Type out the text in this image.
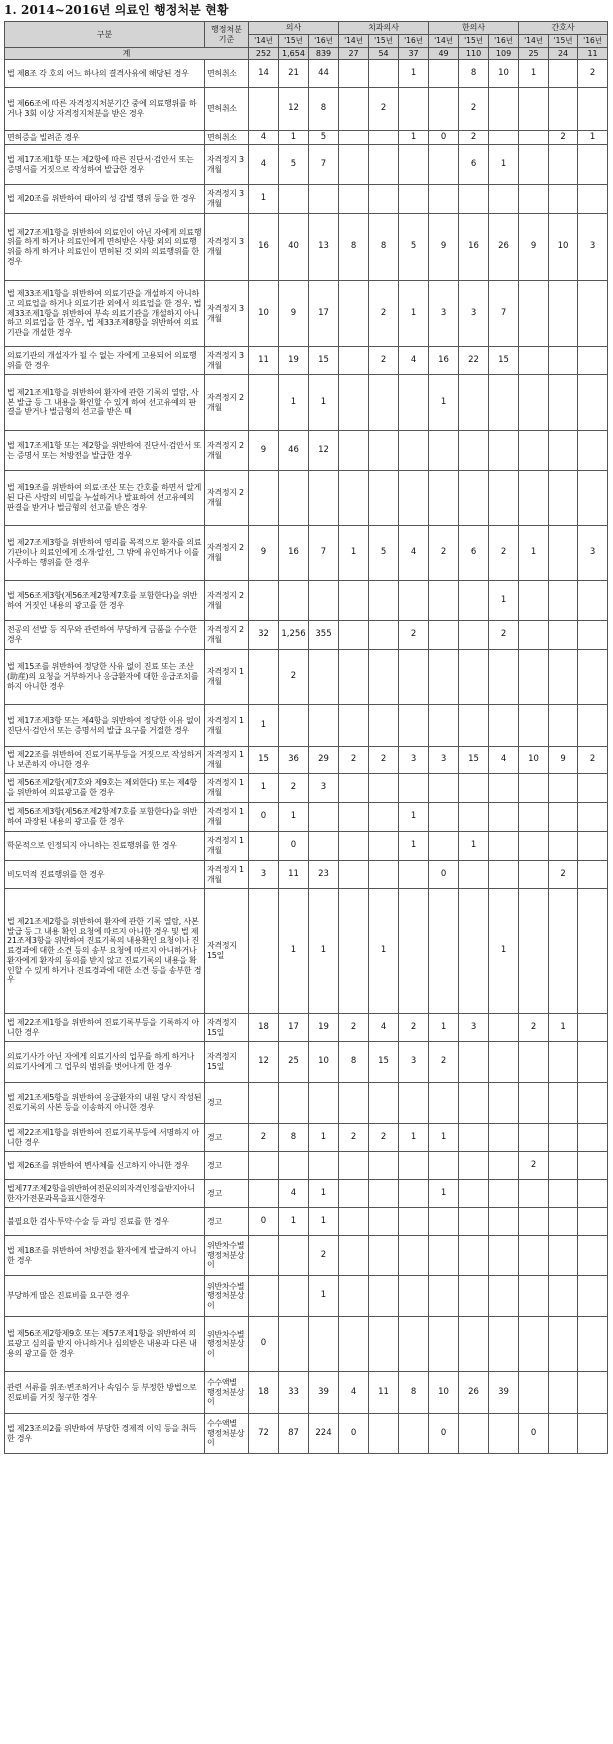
1. 2014~2016년 의료인 행정처분 현황
구분	행정처분 기준	의사			치과의사			한의사			간호사		
		'14년	'15년	'16년	'14년	'15년	'16년	'14년	'15년	'16년	'14년	'15년	'16년
계		252	1,654	839	27	54	37	49	110	109	25	24	11
법 제8조 각 호의 어느 하나의 결격사유에 해당된 경우	면허취소	14	21	44			1		8	10	1		2
법 제66조에 따른 자격정지처분기간 중에 의료행위를 하거나 3회 이상 자격정지처분을 받은 경우	면허취소		12	8		2			2				
면허증을 빌려준 경우	면허취소	4	1	5			1	0	2			2	1
법 제17조제1항 또는 제2항에 따른 진단서·검안서 또는 증명서를 거짓으로 작성하여 발급한 경우	자격정지 3개월	4	5	7					6	1			
법 제20조를 위반하여 태아의 성 감별 행위 등을 한 경우	자격정지 3개월	1											
법 제27조제1항을 위반하여 의료인이 아닌 자에게 의료행위를 하게 하거나 의료인에게 면허받은 사항 외의 의료행위를 하게 하거나 의료인이 면허된 것 외의 의료행위를 한 경우	자격정지 3개월	16	40	13	8	8	5	9	16	26	9	10	3
법 제33조제1항을 위반하여 의료기관을 개설하지 아니하고 의료업을 하거나 의료기관 외에서 의료업을 한 경우, 법 제33조제1항을 위반하여 부속 의료기관을 개설하지 아니하고 의료업을 한 경우, 법 제33조제8항을 위반하여 의료기관을 개설한 경우	자격정지 3개월	10	9	17		2	1	3	3	7			
의료기관의 개설자가 될 수 없는 자에게 고용되어 의료행위를 한 경우	자격정지 3개월	11	19	15		2	4	16	22	15			
법 제21조제1항을 위반하여 환자에 관한 기록의 열람, 사본 발급 등 그 내용을 확인할 수 있게 하여 선고유예의 판결을 받거나 벌금형의 선고를 받은 때	자격정지 2개월		1	1				1					
법 제17조제1항 또는 제2항을 위반하여 진단서·검안서 또는 증명서 또는 처방전을 발급한 경우	자격정지 2개월	9	46	12									
법 제19조를 위반하여 의료·조산 또는 간호를 하면서 알게 된 다른 사람의 비밀을 누설하거나 발표하여 선고유예의 판결을 받거나 벌금형의 선고를 받은 경우	자격정지 2개월												
법 제27조제3항을 위반하여 영리를 목적으로 환자를 의료기관이나 의료인에게 소개·알선, 그 밖에 유인하거나 이를 사주하는 행위를 한 경우	자격정지 2개월	9	16	7	1	5	4	2	6	2	1		3
법 제56조제3항(제56조제2항제7호를 포함한다)을 위반하여 거짓인 내용의 광고를 한 경우	자격정지 2개월									1			
전공의 선발 등 직무와 관련하여 부당하게 금품을 수수한 경우	자격정지 2개월	32	1,256	355			2			2			
법 제15조를 위반하여 정당한 사유 없이 진료 또는 조산(助産)의 요청을 거부하거나 응급환자에 대한 응급조치를 하지 아니한 경우	자격정지 1개월		2										
법 제17조제3항 또는 제4항을 위반하여 정당한 이유 없이 진단서·검안서 또는 증명서의 발급 요구를 거절한 경우	자격정지 1개월	1											
법 제22조를 위반하여 진료기록부등을 거짓으로 작성하거나 보존하지 아니한 경우	자격정지 1개월	15	36	29	2	2	3	3	15	4	10	9	2
법 제56조제2항(제7호와 제9호는 제외한다) 또는 제4항을 위반하여 의료광고를 한 경우	자격정지 1개월	1	2	3									
법 제56조제3항(제56조제2항제7호를 포함한다)을 위반하여 과장된 내용의 광고를 한 경우	자격정지 1개월	0	1				1						
학문적으로 인정되지 아니하는 진료행위를 한 경우	자격정지 1개월		0				1		1				
비도덕적 진료행위를 한 경우	자격정지 1개월	3	11	23				0				2	
법 제21조제2항을 위반하여 환자에 관한 기록 열람, 사본 발급 등 그 내용 확인 요청에 따르지 아니한 경우 및 법 제21조제3항을 위반하여 진료기록의 내용확인 요청이나 진료경과에 대한 소견 등의 송부 요청에 따르지 아니하거나 환자에게 환자의 동의를 받지 않고 진료기록의 내용을 확인할 수 있게 하거나 진료경과에 대한 소견 등을 송부한 경우	자격정지 15일		1	1		1				1			
법 제22조제1항을 위반하여 진료기록부등을 기록하지 아니한 경우	자격정지 15일	18	17	19	2	4	2	1	3		2	1	
의료기사가 아닌 자에게 의료기사의 업무를 하게 하거나 의료기사에게 그 업무의 범위를 벗어나게 한 경우	자격정지 15일	12	25	10	8	15	3	2					
법 제21조제5항을 위반하여 응급환자의 내원 당시 작성된 진료기록의 사본 등을 이송하지 아니한 경우	경고												
법 제22조제1항을 위반하여 진료기록부등에 서명하지 아니한 경우	경고	2	8	1	2	2	1	1					
법 제26조를 위반하여 변사체를 신고하지 아니한 경우	경고										2		
법제77조제2항을위반하여전문의의자격인정을받지아니한자가전문과목을표시한경우	경고		4	1				1					
불필요한 검사·투약·수술 등 과잉 진료를 한 경우	경고	0	1	1									
법 제18조를 위반하여 처방전을 환자에게 발급하지 아니한 경우	위반차수별 행정처분상이			2									
부당하게 많은 진료비를 요구한 경우	위반차수별 행정처분상이			1									
법 제56조제2항제9호 또는 제57조제1항을 위반하여 의료광고 심의를 받지 아니하거나 심의받은 내용과 다른 내용의 광고를 한 경우	위반차수별 행정처분상이	0											
관련 서류를 위조·변조하거나 속임수 등 부정한 방법으로 진료비를 거짓 청구한 경우	수수액별 행정처분상이	18	33	39	4	11	8	10	26	39			
법 제23조의2를 위반하여 부당한 경제적 이익 등을 취득한 경우	수수액별 행정처분상이	72	87	224	0			0			0		
